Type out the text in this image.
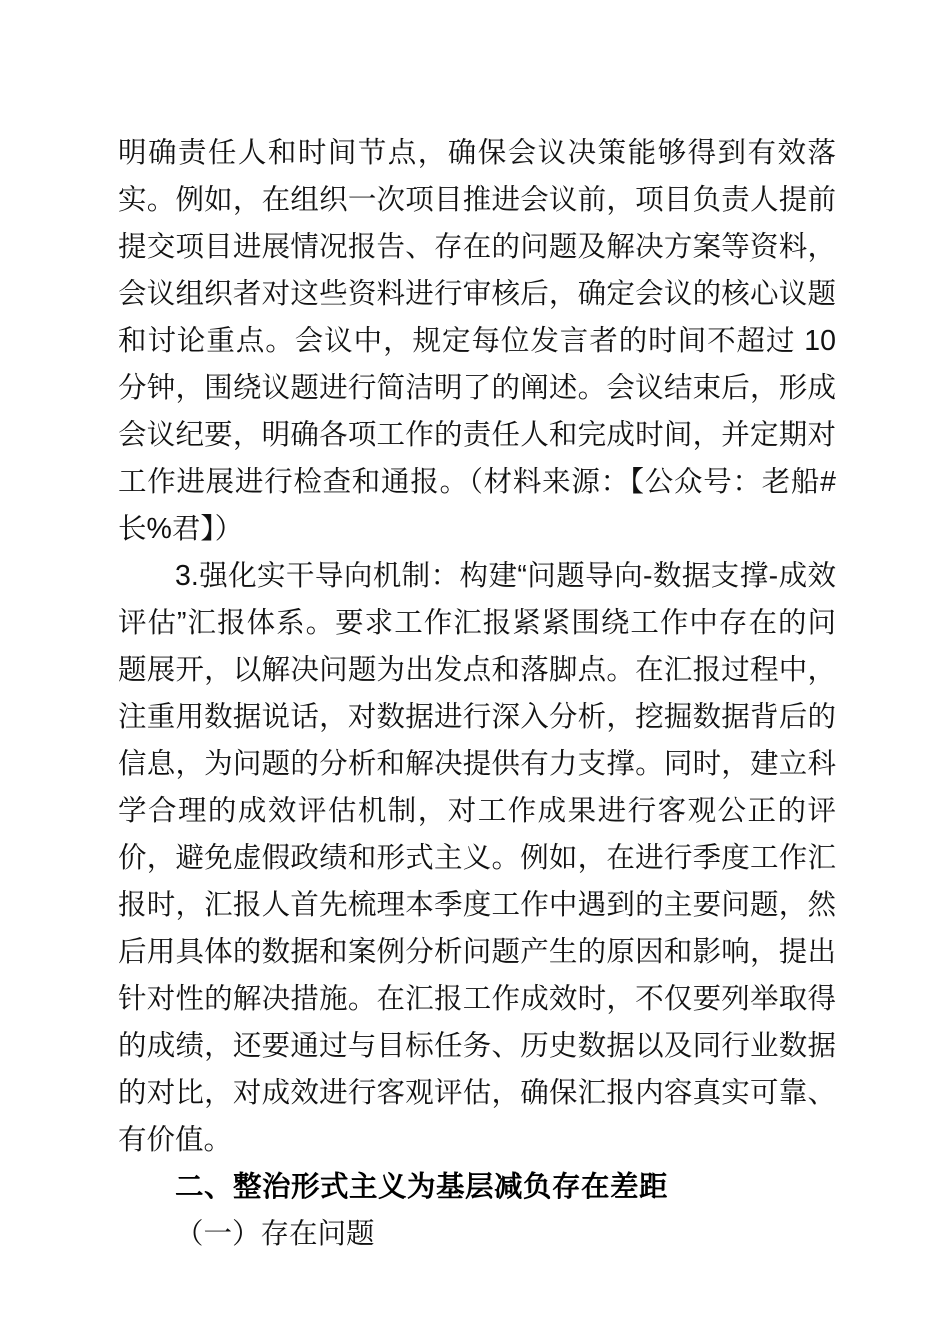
明确责任人和时间节点，确保会议决策能够得到有效落实。例如，在组织一次项目推进会议前，项目负责人提前提交项目进展情况报告、存在的问题及解决方案等资料，会议组织者对这些资料进行审核后，确定会议的核心议题和讨论重点。会议中，规定每位发言者的时间不超过 10 分钟，围绕议题进行简洁明了的阐述。会议结束后，形成会议纪要，明确各项工作的责任人和完成时间，并定期对工作进展进行检查和通报。（材料来源：【公众号：老船#长%君】）

3.强化实干导向机制：构建“问题导向-数据支撑-成效评估”汇报体系。要求工作汇报紧紧围绕工作中存在的问题展开，以解决问题为出发点和落脚点。在汇报过程中，注重用数据说话，对数据进行深入分析，挖掘数据背后的信息，为问题的分析和解决提供有力支撑。同时，建立科学合理的成效评估机制，对工作成果进行客观公正的评价，避免虚假政绩和形式主义。例如，在进行季度工作汇报时，汇报人首先梳理本季度工作中遇到的主要问题，然后用具体的数据和案例分析问题产生的原因和影响，提出针对性的解决措施。在汇报工作成效时，不仅要列举取得的成绩，还要通过与目标任务、历史数据以及同行业数据的对比，对成效进行客观评估，确保汇报内容真实可靠、有价值。

二、整治形式主义为基层减负存在差距

（一）存在问题
